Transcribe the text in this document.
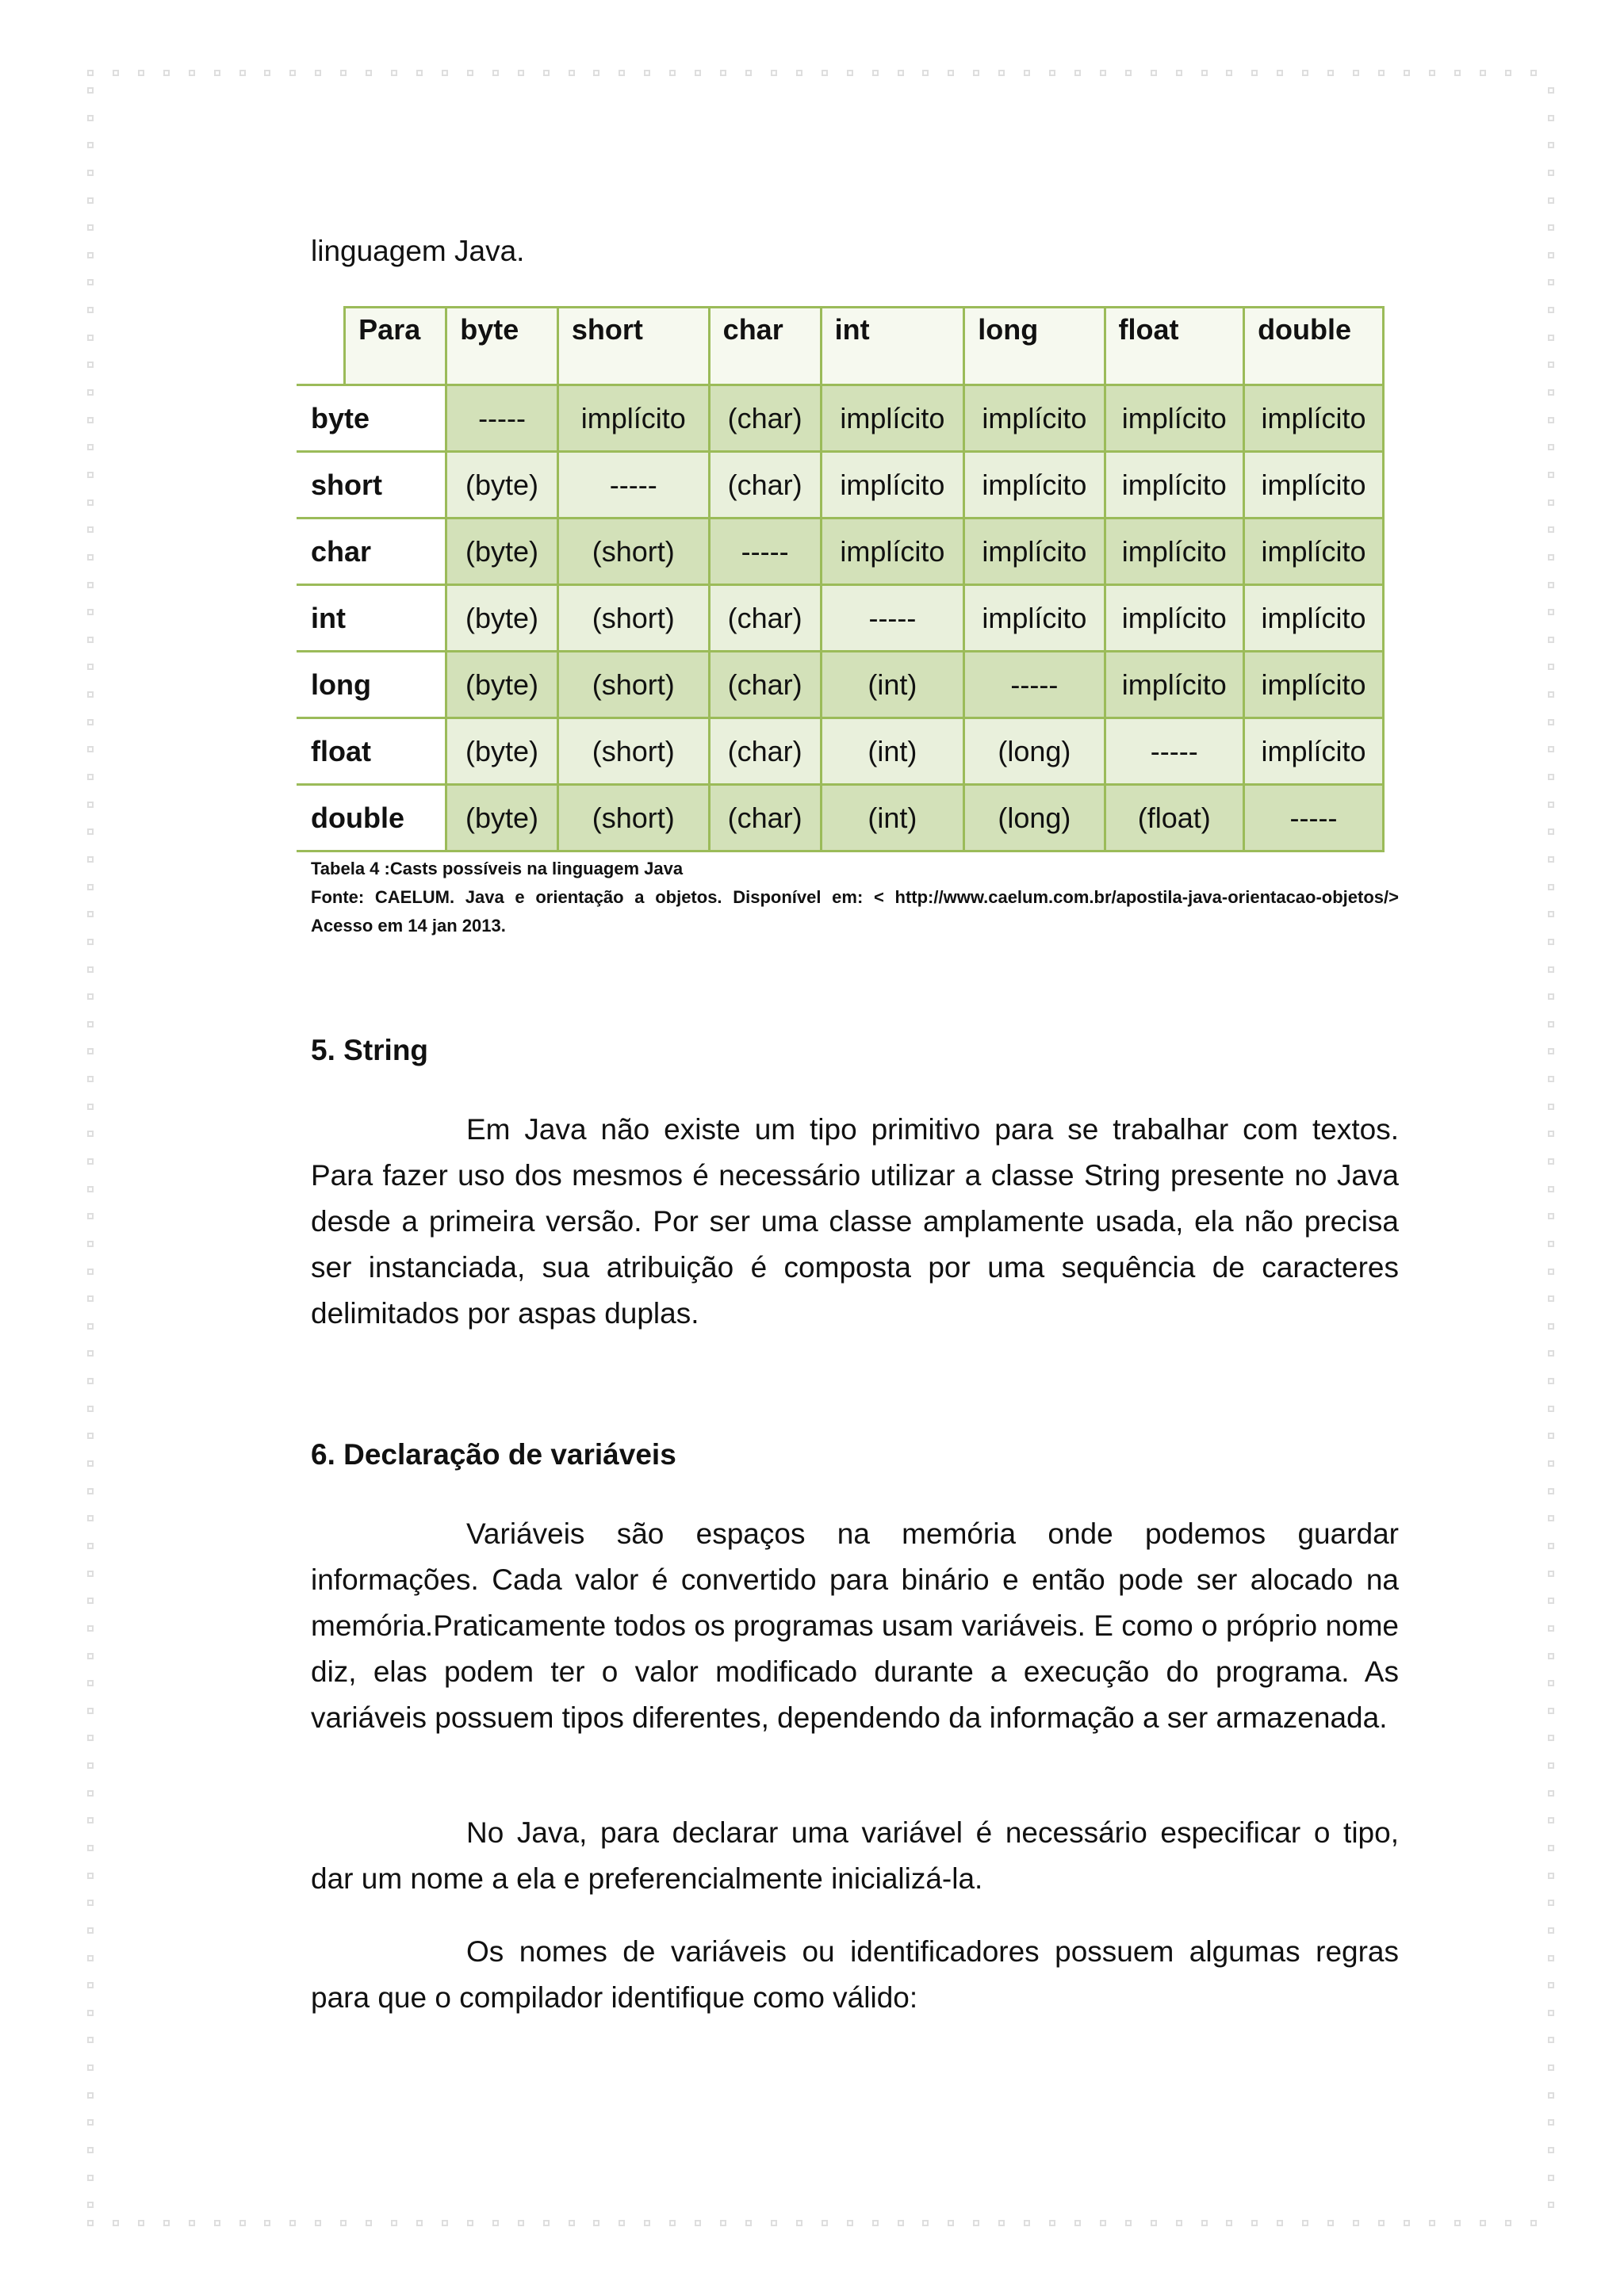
linguagem Java.
	Para	byte	short	char	int	long	float	double
byte		-----	implícito	(char)	implícito	implícito	implícito	implícito
short		(byte)	-----	(char)	implícito	implícito	implícito	implícito
char		(byte)	(short)	-----	implícito	implícito	implícito	implícito
int		(byte)	(short)	(char)	-----	implícito	implícito	implícito
long		(byte)	(short)	(char)	(int)	-----	implícito	implícito
float		(byte)	(short)	(char)	(int)	(long)	-----	implícito
double		(byte)	(short)	(char)	(int)	(long)	(float)	-----
Tabela 4 :Casts possíveis na linguagem Java
Fonte: CAELUM. Java e orientação a objetos. Disponível em: < http://www.caelum.com.br/apostila-java-orientacao-objetos/> Acesso em 14 jan 2013.
5. String

Em Java não existe um tipo primitivo para se trabalhar com textos. Para fazer uso dos mesmos é necessário utilizar a classe String presente no Java desde a primeira versão. Por ser uma classe amplamente usada, ela não precisa ser instanciada, sua atribuição é composta por uma sequência de caracteres delimitados por aspas duplas.

6. Declaração de variáveis

Variáveis são espaços na memória onde podemos guardar informações. Cada valor é convertido para binário e então pode ser alocado na memória.Praticamente todos os programas usam variáveis. E como o próprio nome diz, elas podem ter o valor modificado durante a execução do programa. As variáveis possuem tipos diferentes, dependendo da informação a ser armazenada.

No Java, para declarar uma variável é necessário especificar o tipo, dar um nome a ela e preferencialmente inicializá-la.

Os nomes de variáveis ou identificadores possuem algumas regras para que o compilador identifique como válido:
